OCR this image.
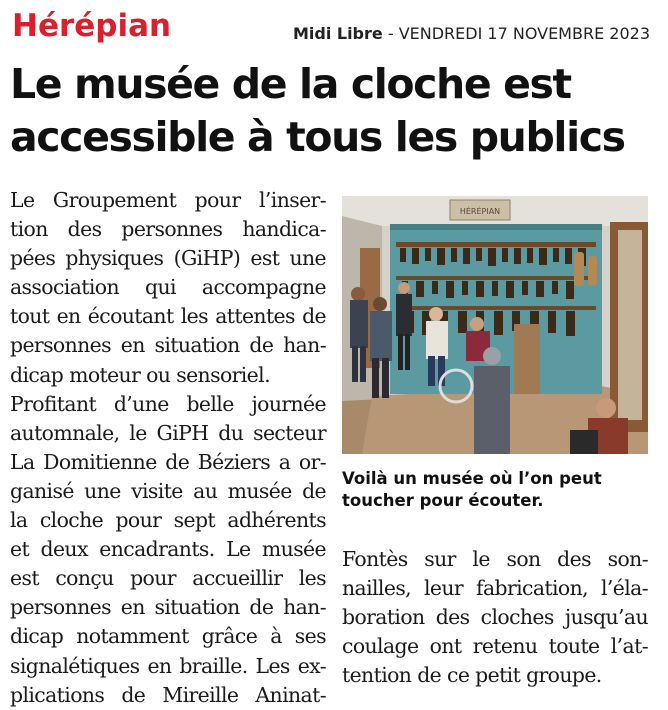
Hérépian	Midi Libre - VENDREDI 17 NOVEMBRE 2023
Le musée de la cloche est
accessible à tous les publics
Le Groupement pour l’inser-
tion des personnes handica-
pées physiques (GiHP) est une
association qui accompagne
tout en écoutant les attentes de
personnes en situation de han-
dicap moteur ou sensoriel.
Profitant d’une belle journée
automnale, le GiPH du secteur
La Domitienne de Béziers a or-
ganisé une visite au musée de
la cloche pour sept adhérents
et deux encadrants. Le musée
est conçu pour accueillir les
personnes en situation de han-
dicap notamment grâce à ses
signalétiques en braille. Les ex-
plications de Mireille Aninat-
HÉRÉPIAN
Voilà un musée où l’on peut
toucher pour écouter.
Fontès sur le son des son-
nailles, leur fabrication, l’éla-
boration des cloches jusqu’au
coulage ont retenu toute l’at-
tention de ce petit groupe.
